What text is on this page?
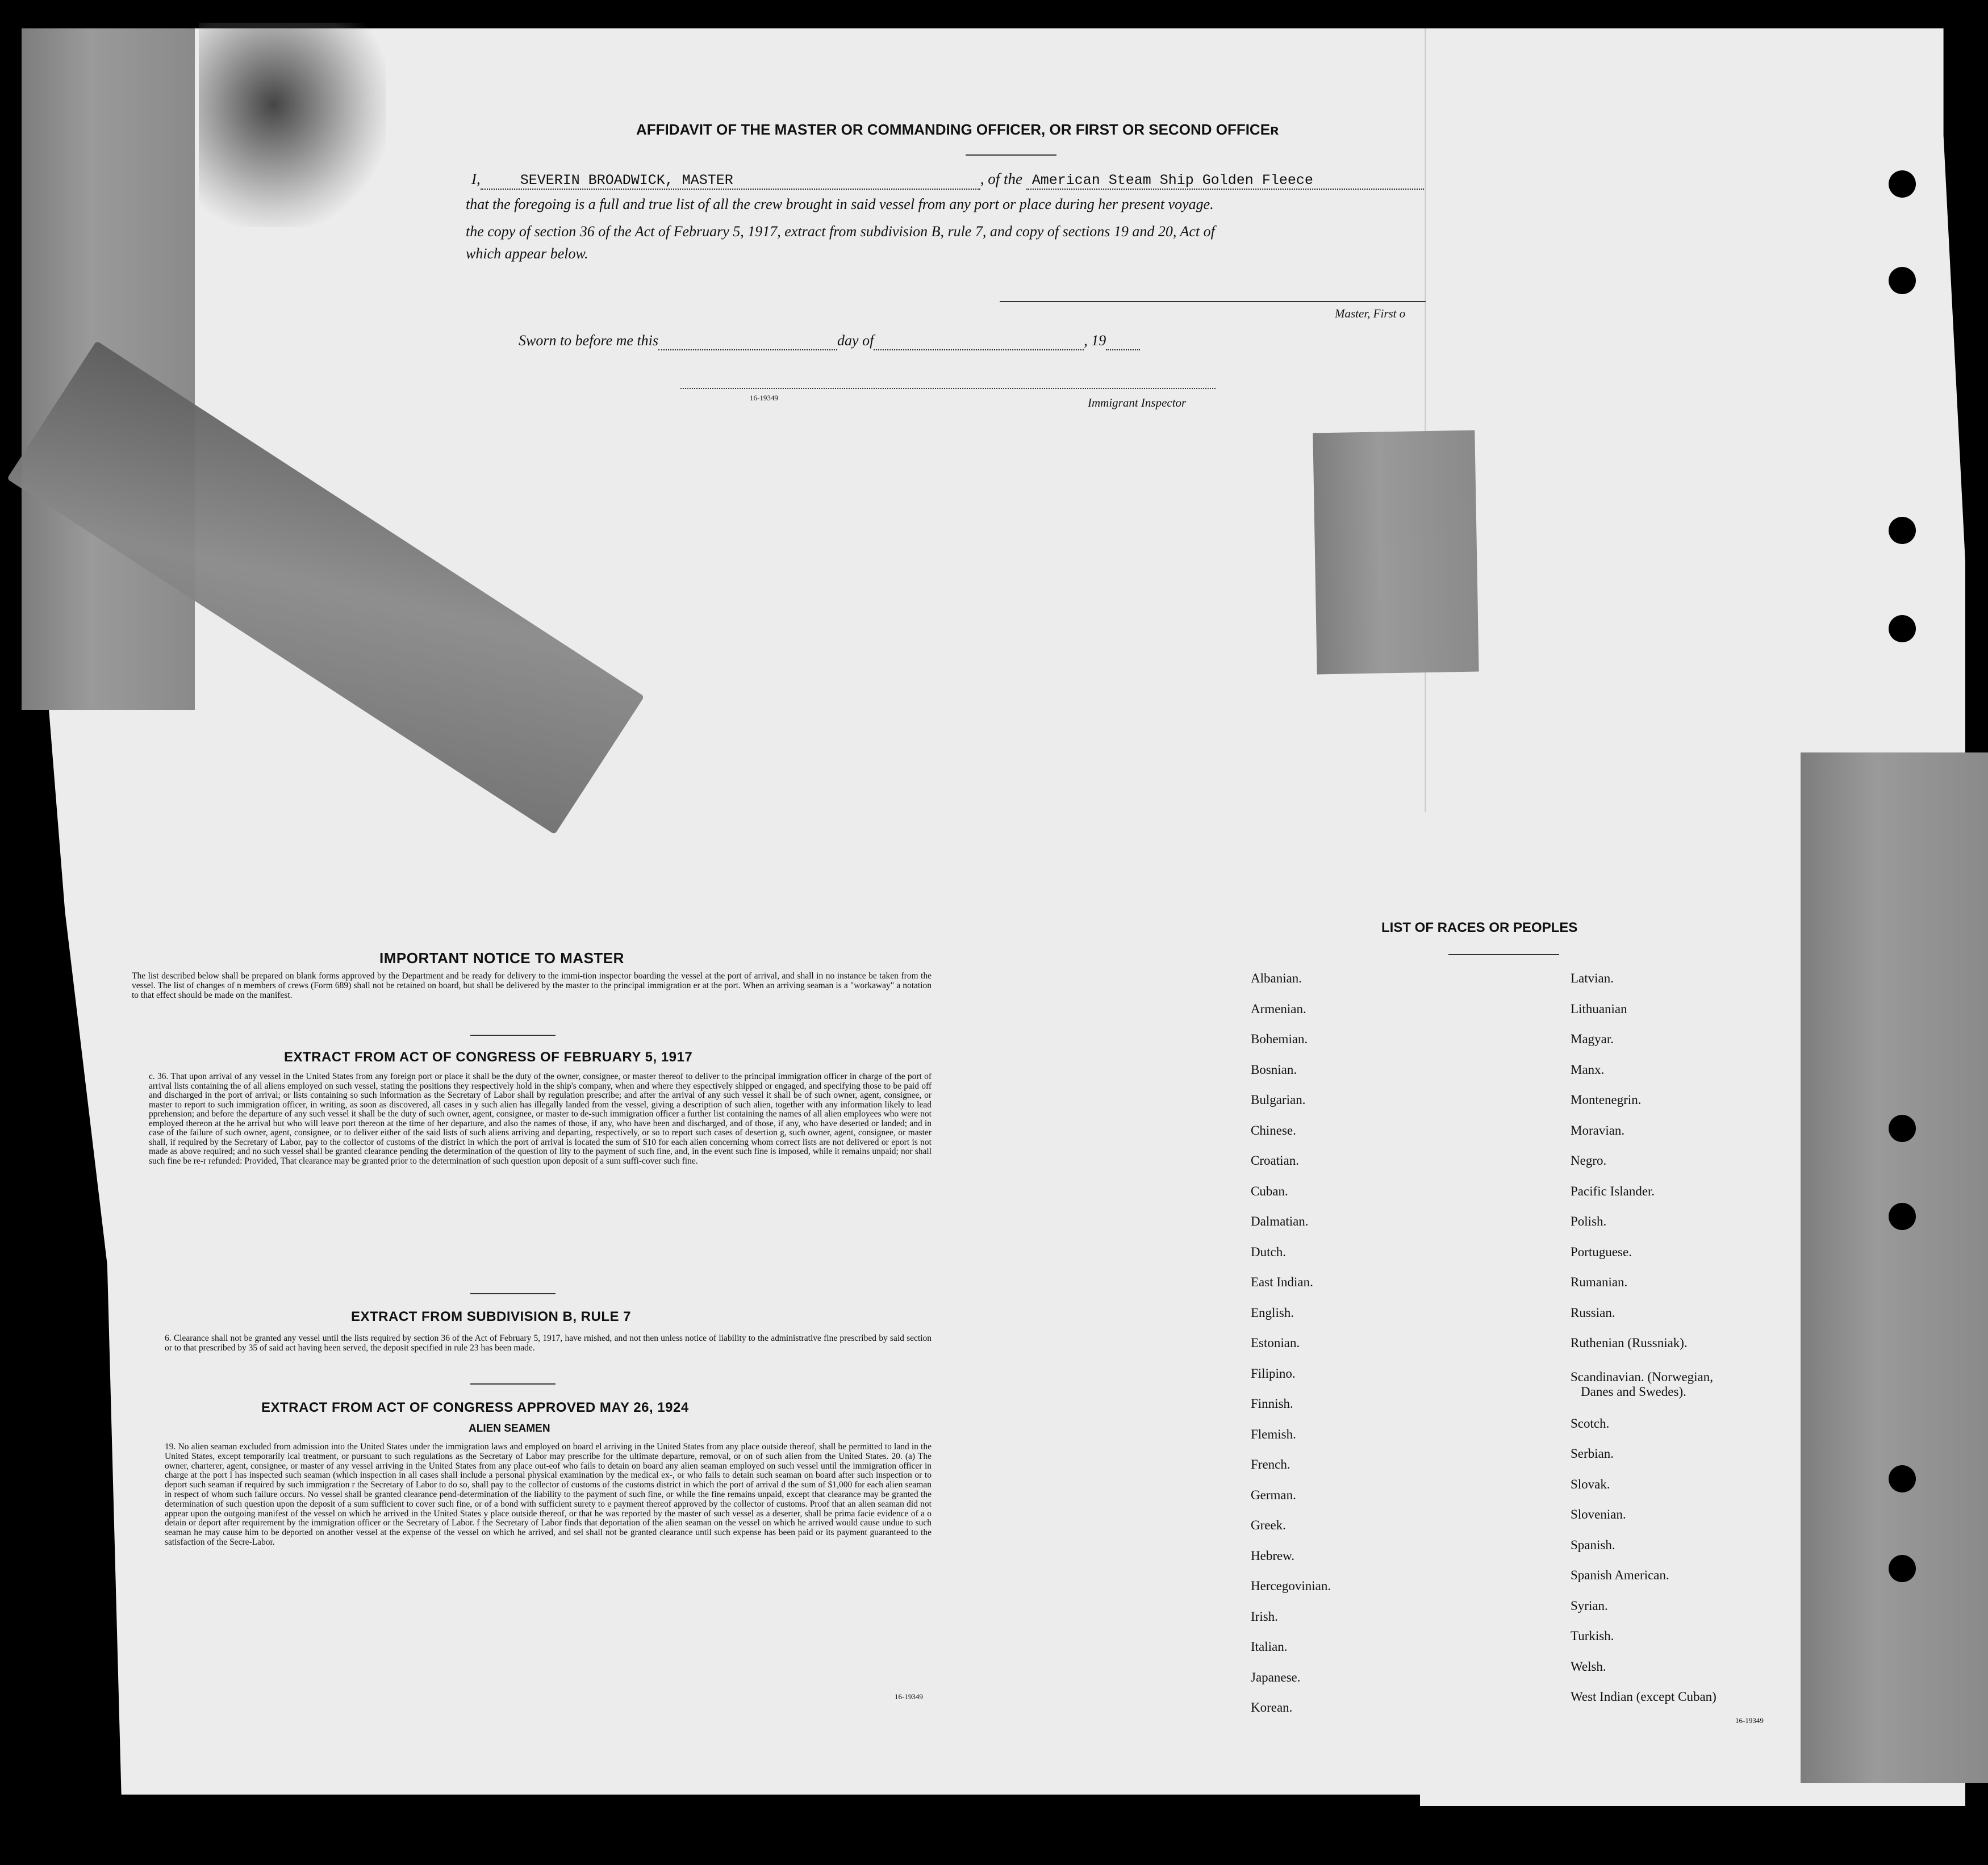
AFFIDAVIT OF THE MASTER OR COMMANDING OFFICER, OR FIRST OR SECOND OFFICEʀ
I,	SEVERIN BROADWICK, MASTER	, of the American Steam Ship Golden Fleece
that the foregoing is a full and true list of all the crew brought in said vessel from any port or place during her present voyage.
the copy of section 36 of the Act of February 5, 1917, extract from subdivision B, rule 7, and copy of sections 19 and 20, Act of
which appear below.
Master, First o
Sworn to before me this	day of	, 19
16-19349	Immigrant Inspector
IMPORTANT NOTICE TO MASTER
The list described below shall be prepared on blank forms approved by the Department and be ready for delivery to the immi-tion inspector boarding the vessel at the port of arrival, and shall in no instance be taken from the vessel. The list of changes of n members of crews (Form 689) shall not be retained on board, but shall be delivered by the master to the principal immigration er at the port. When an arriving seaman is a "workaway" a notation to that effect should be made on the manifest.
EXTRACT FROM ACT OF CONGRESS OF FEBRUARY 5, 1917
c. 36. That upon arrival of any vessel in the United States from any foreign port or place it shall be the duty of the owner, consignee, or master thereof to deliver to the principal immigration officer in charge of the port of arrival lists containing the of all aliens employed on such vessel, stating the positions they respectively hold in the ship's company, when and where they espectively shipped or engaged, and specifying those to be paid off and discharged in the port of arrival; or lists containing so such information as the Secretary of Labor shall by regulation prescribe; and after the arrival of any such vessel it shall be of such owner, agent, consignee, or master to report to such immigration officer, in writing, as soon as discovered, all cases in y such alien has illegally landed from the vessel, giving a description of such alien, together with any information likely to lead pprehension; and before the departure of any such vessel it shall be the duty of such owner, agent, consignee, or master to de-such immigration officer a further list containing the names of all alien employees who were not employed thereon at the he arrival but who will leave port thereon at the time of her departure, and also the names of those, if any, who have been and discharged, and of those, if any, who have deserted or landed; and in case of the failure of such owner, agent, consignee, or to deliver either of the said lists of such aliens arriving and departing, respectively, or so to report such cases of desertion g, such owner, agent, consignee, or master shall, if required by the Secretary of Labor, pay to the collector of customs of the district in which the port of arrival is located the sum of $10 for each alien concerning whom correct lists are not delivered or eport is not made as above required; and no such vessel shall be granted clearance pending the determination of the question of lity to the payment of such fine, and, in the event such fine is imposed, while it remains unpaid; nor shall such fine be re-r refunded: Provided, That clearance may be granted prior to the determination of such question upon deposit of a sum suffi-cover such fine.
EXTRACT FROM SUBDIVISION B, RULE 7
6. Clearance shall not be granted any vessel until the lists required by section 36 of the Act of February 5, 1917, have rnished, and not then unless notice of liability to the administrative fine prescribed by said section or to that prescribed by 35 of said act having been served, the deposit specified in rule 23 has been made.
EXTRACT FROM ACT OF CONGRESS APPROVED MAY 26, 1924
ALIEN SEAMEN
19. No alien seaman excluded from admission into the United States under the immigration laws and employed on board el arriving in the United States from any place outside thereof, shall be permitted to land in the United States, except temporarily ical treatment, or pursuant to such regulations as the Secretary of Labor may prescribe for the ultimate departure, removal, or on of such alien from the United States. 20. (a) The owner, charterer, agent, consignee, or master of any vessel arriving in the United States from any place out-eof who fails to detain on board any alien seaman employed on such vessel until the immigration officer in charge at the port l has inspected such seaman (which inspection in all cases shall include a personal physical examination by the medical ex-, or who fails to detain such seaman on board after such inspection or to deport such seaman if required by such immigration r the Secretary of Labor to do so, shall pay to the collector of customs of the customs district in which the port of arrival d the sum of $1,000 for each alien seaman in respect of whom such failure occurs. No vessel shall be granted clearance pend-determination of the liability to the payment of such fine, or while the fine remains unpaid, except that clearance may be granted the determination of such question upon the deposit of a sum sufficient to cover such fine, or of a bond with sufficient surety to e payment thereof approved by the collector of customs. Proof that an alien seaman did not appear upon the outgoing manifest of the vessel on which he arrived in the United States y place outside thereof, or that he was reported by the master of such vessel as a deserter, shall be prima facie evidence of a o detain or deport after requirement by the immigration officer or the Secretary of Labor. f the Secretary of Labor finds that deportation of the alien seaman on the vessel on which he arrived would cause undue to such seaman he may cause him to be deported on another vessel at the expense of the vessel on which he arrived, and sel shall not be granted clearance until such expense has been paid or its payment guaranteed to the satisfaction of the Secre-Labor.
16-19349
LIST OF RACES OR PEOPLES
Albanian.
Armenian.
Bohemian.
Bosnian.
Bulgarian.
Chinese.
Croatian.
Cuban.
Dalmatian.
Dutch.
East Indian.
English.
Estonian.
Filipino.
Finnish.
Flemish.
French.
German.
Greek.
Hebrew.
Hercegovinian.
Irish.
Italian.
Japanese.
Korean.
Latvian.
Lithuanian
Magyar.
Manx.
Montenegrin.
Moravian.
Negro.
Pacific Islander.
Polish.
Portuguese.
Rumanian.
Russian.
Ruthenian (Russniak).
Scandinavian. (Norwegian,
Danes and Swedes).
Scotch.
Serbian.
Slovak.
Slovenian.
Spanish.
Spanish American.
Syrian.
Turkish.
Welsh.
West Indian (except Cuban)
16-19349
